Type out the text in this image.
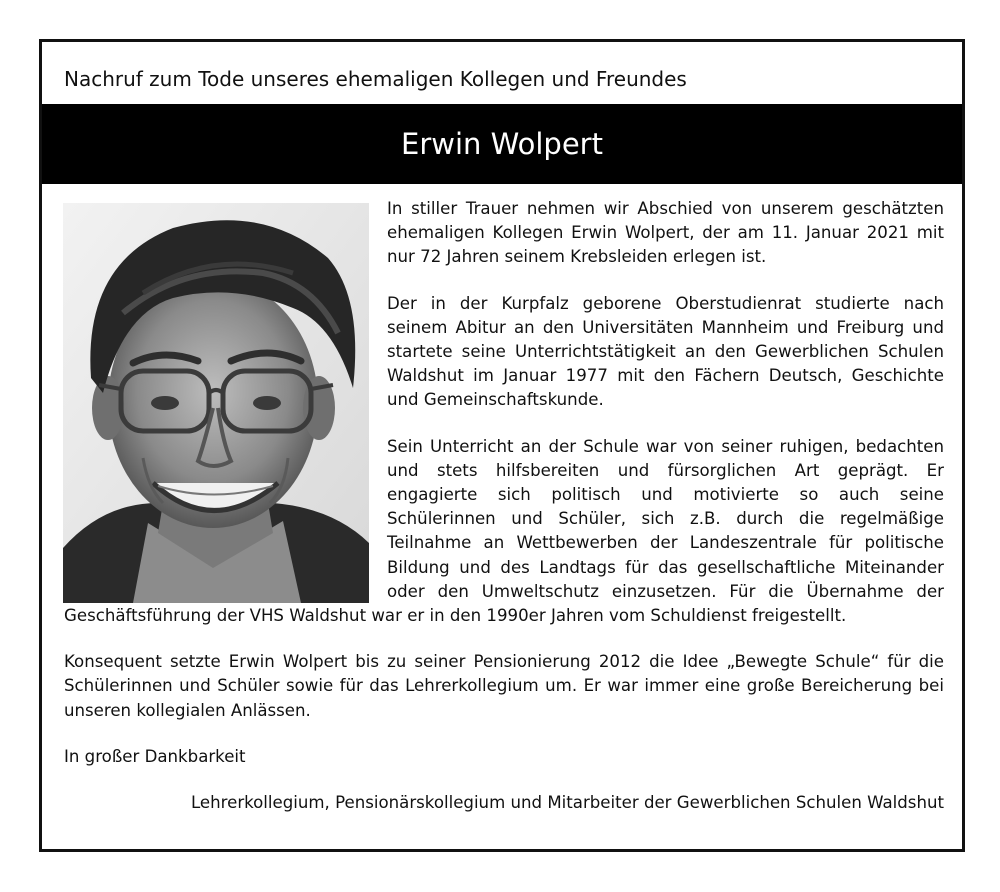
Nachruf zum Tode unseres ehemaligen Kollegen und Freundes
Erwin Wolpert

In stiller Trauer nehmen wir Abschied von unserem geschätzten ehemaligen Kollegen Erwin Wolpert, der am 11. Januar 2021 mit nur 72 Jahren seinem Krebsleiden erlegen ist.

Der in der Kurpfalz geborene Oberstudienrat studierte nach seinem Abitur an den Universitäten Mannheim und Freiburg und startete seine Unterrichtstätigkeit an den Gewerblichen Schulen Waldshut im Januar 1977 mit den Fächern Deutsch, Geschichte und Gemeinschaftskunde.

Sein Unterricht an der Schule war von seiner ruhigen, bedachten und stets hilfsbereiten und fürsorglichen Art geprägt. Er engagierte sich politisch und motivierte so auch seine Schülerinnen und Schüler, sich z.B. durch die regelmäßige Teilnahme an Wettbewerben der Landeszentrale für politische Bildung und des Landtags für das gesellschaftliche Miteinander oder den Umweltschutz einzusetzen. Für die Übernahme der Geschäftsführung der VHS Waldshut war er in den 1990er Jahren vom Schuldienst freigestellt.

Konsequent setzte Erwin Wolpert bis zu seiner Pensionierung 2012 die Idee „Bewegte Schule“ für die Schülerinnen und Schüler sowie für das Lehrerkollegium um. Er war immer eine große Bereicherung bei unseren kollegialen Anlässen.

In großer Dankbarkeit

Lehrerkollegium, Pensionärskollegium und Mitarbeiter der Gewerblichen Schulen Waldshut
